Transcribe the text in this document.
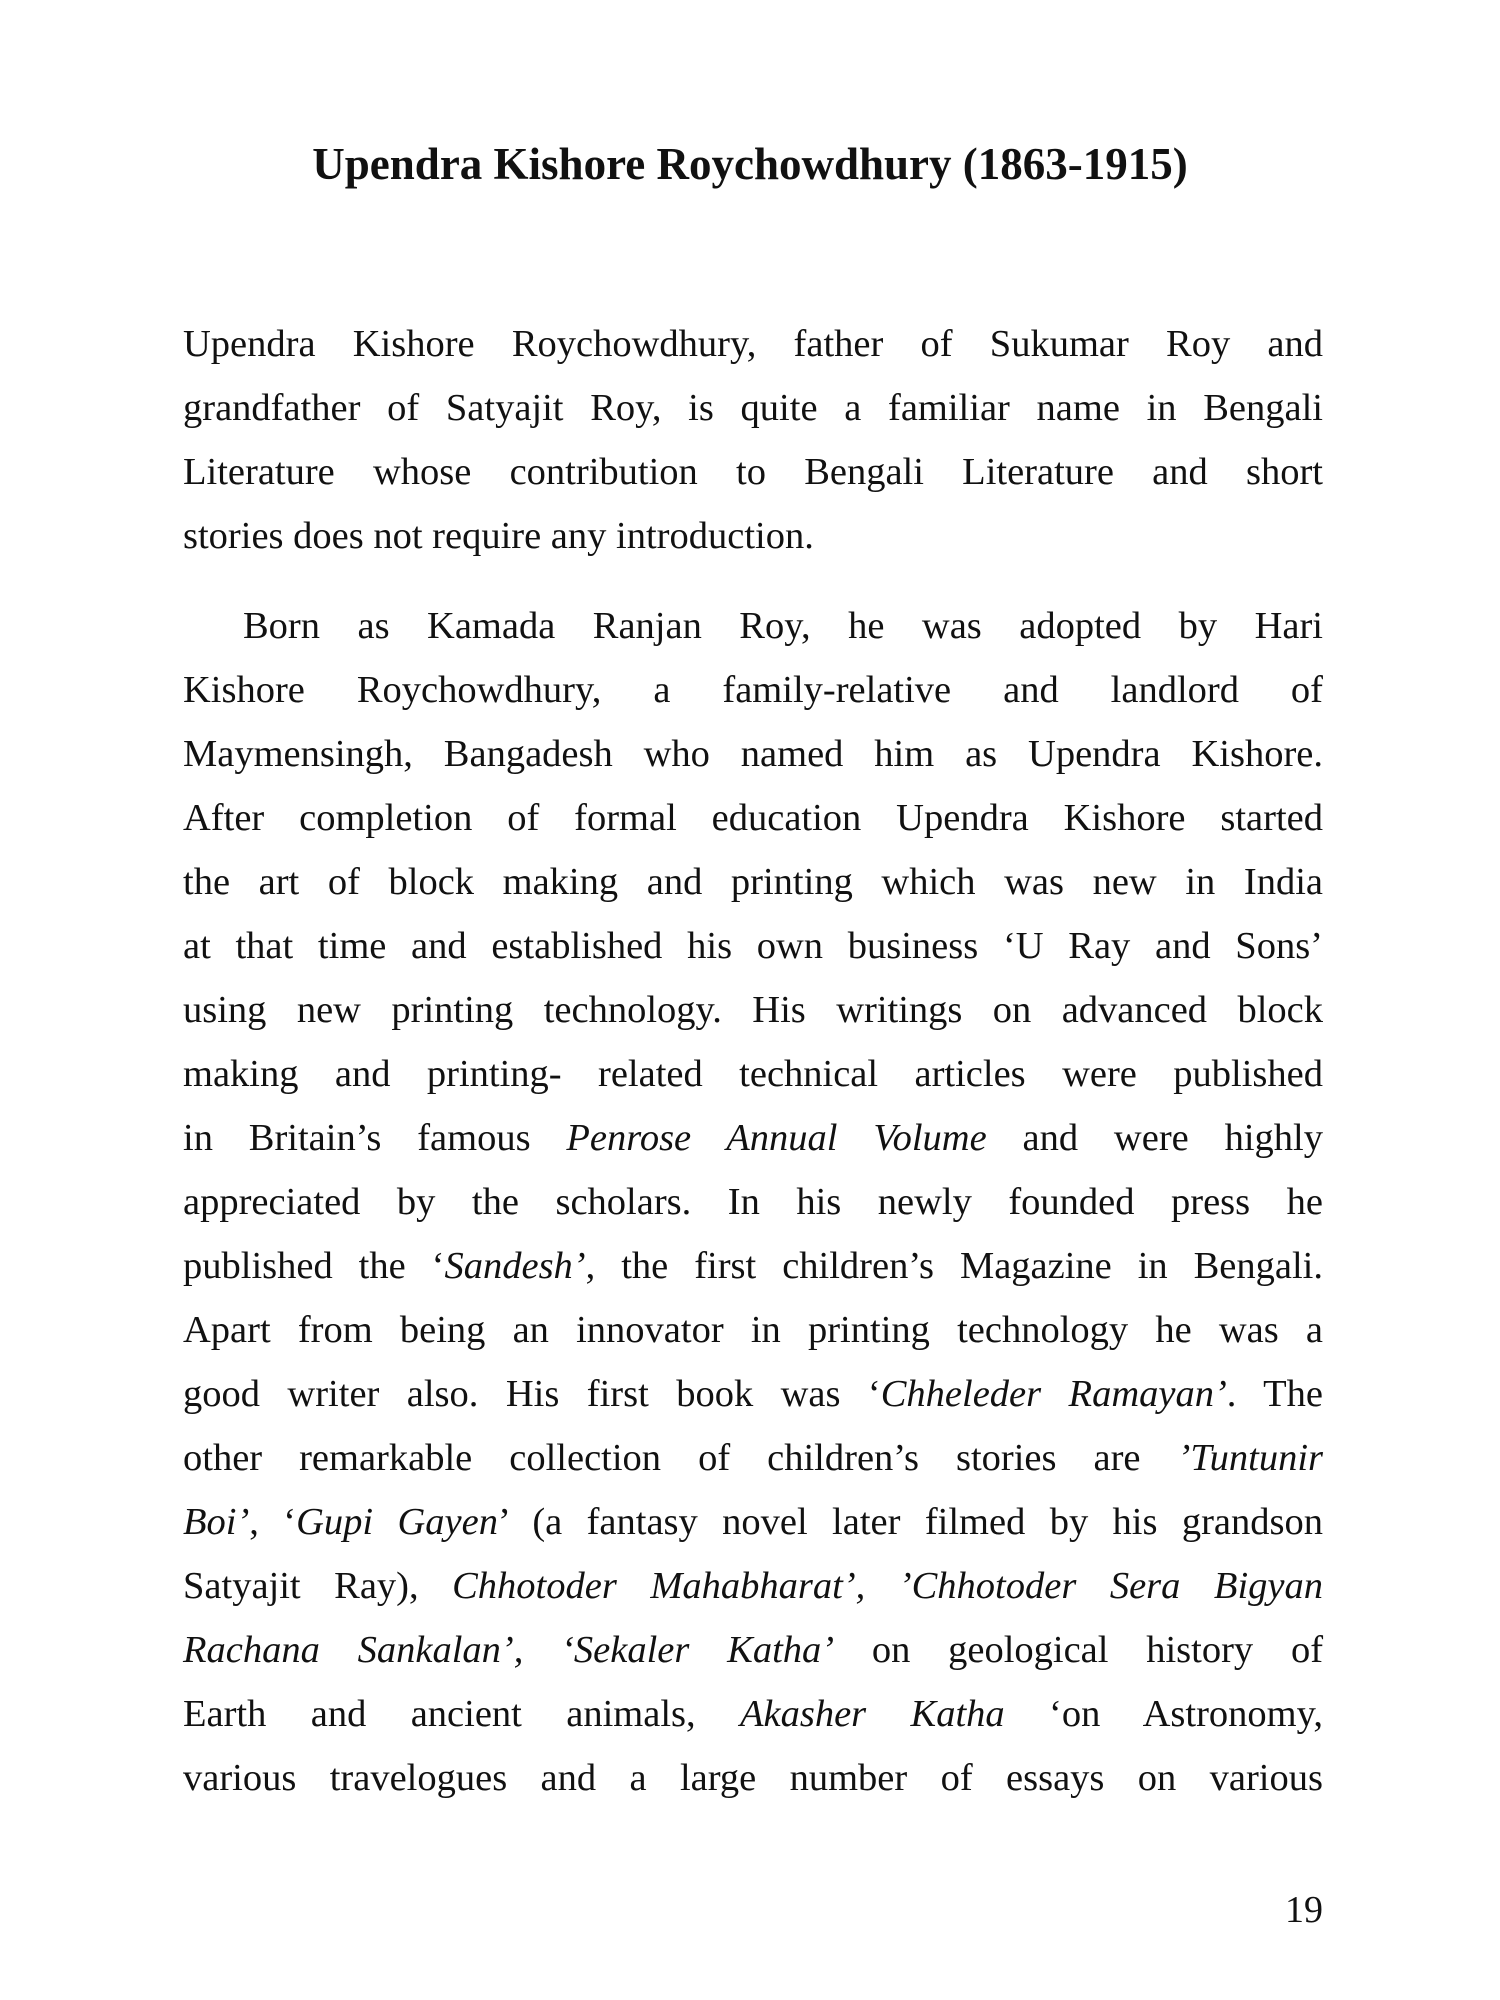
Upendra Kishore Roychowdhury (1863-1915)
Upendra Kishore Roychowdhury, father of Sukumar Roy and
grandfather of Satyajit Roy, is quite a familiar name in Bengali
Literature whose contribution to Bengali Literature and short
stories does not require any introduction.
Born as Kamada Ranjan Roy, he was adopted by Hari
Kishore Roychowdhury, a family-relative and landlord of
Maymensingh, Bangadesh who named him as Upendra Kishore.
After completion of formal education Upendra Kishore started
the art of block making and printing which was new in India
at that time and established his own business ‘U Ray and Sons’
using new printing technology. His writings on advanced block
making and printing- related technical articles were published
in Britain’s famous Penrose Annual Volume and were highly
appreciated by the scholars. In his newly founded press he
published the ‘Sandesh’, the first children’s Magazine in Bengali.
Apart from being an innovator in printing technology he was a
good writer also. His first book was ‘Chheleder Ramayan’. The
other remarkable collection of children’s stories are ’Tuntunir
Boi’, ‘Gupi Gayen’ (a fantasy novel later filmed by his grandson
Satyajit Ray), Chhotoder Mahabharat’, ’Chhotoder Sera Bigyan
Rachana Sankalan’, ‘Sekaler Katha’ on geological history of
Earth and ancient animals, Akasher Katha ‘on Astronomy,
various travelogues and a large number of essays on various
19
